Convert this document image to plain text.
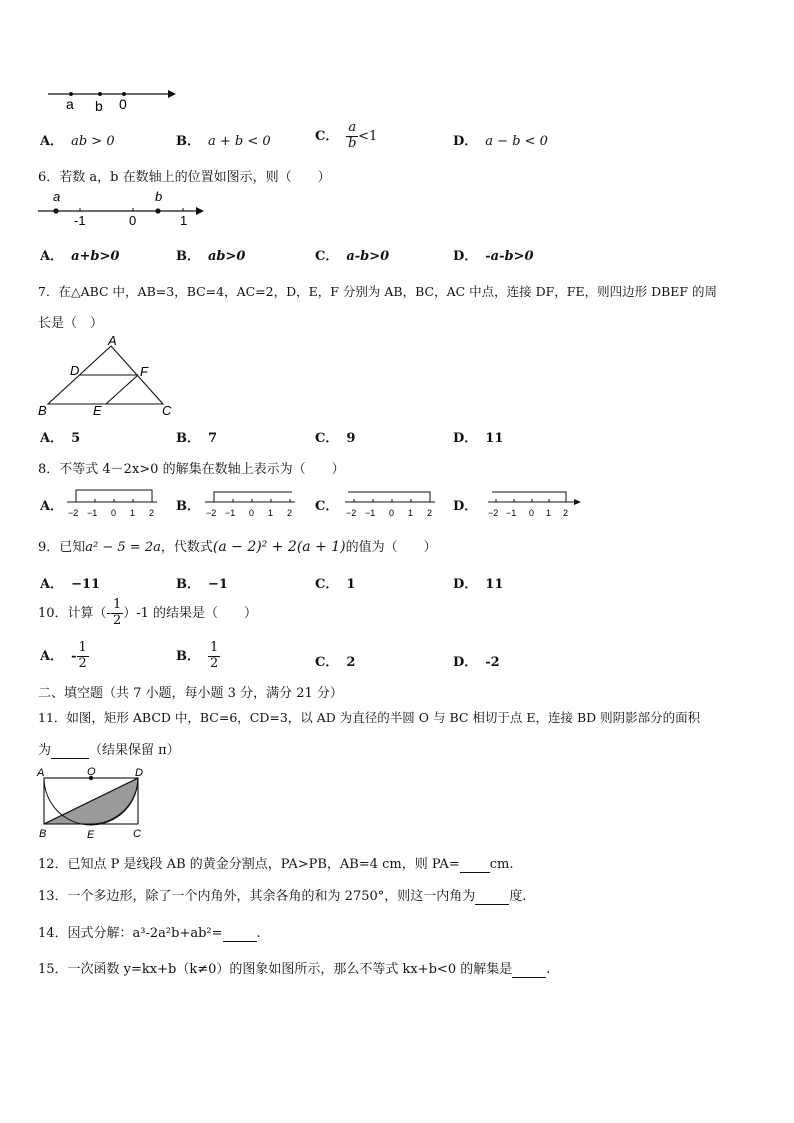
a b 0
A． ab > 0	B． a + b < 0	C． $\frac{a}{b} <1$	D． a − b < 0
6．若数 a，b 在数轴上的位置如图示，则（　　）
a
-1	0
b
1
A． a+b>0	B． ab>0	C． a-b>0	D． -a-b>0
7．在△ABC 中，AB=3，BC=4，AC=2，D，E，F 分别为 AB，BC，AC 中点，连接 DF，FE，则四边形 DBEF 的周
长是（　）
A
D	F
B	E	C
A． 5	B． 7	C． 9	D． 11
8．不等式 4－2x>0 的解集在数轴上表示为（　　）
A． −2 −1 0 1 2 B． −2 −1 0 1 2 C． −2 −1 0 1 2 D． −2 −1 0 1 2
9．已知a² − 5 = 2a，代数式(a − 2)² + 2(a + 1)的值为（　　）
A． −11	B． −1	C． 1	D． 11
10．计算（- $\frac{1}{2} )-1$ 的结果是（　　）
A． - $\frac{1}{2}$	B． $\frac{1}{2}$	C． 2	D． -2
二、填空题（共 7 小题，每小题 3 分，满分 21 分）
11．如图，矩形 ABCD 中，BC=6，CD=3，以 AD 为直径的半圆 O 与 BC 相切于点 E，连接 BD 则阴影部分的面积
为	（结果保留 π）
A	O	D
B	E	C
12．已知点 P 是线段 AB 的黄金分割点，PA>PB，AB=4 cm，则 PA= cm.
13．一个多边形，除了一个内角外，其余各角的和为 2750°，则这一内角为	度.
14．因式分解：a³-2a²b+ab²=	.
15．一次函数 y=kx+b（k≠0）的图象如图所示，那么不等式 kx+b<0 的解集是	.
